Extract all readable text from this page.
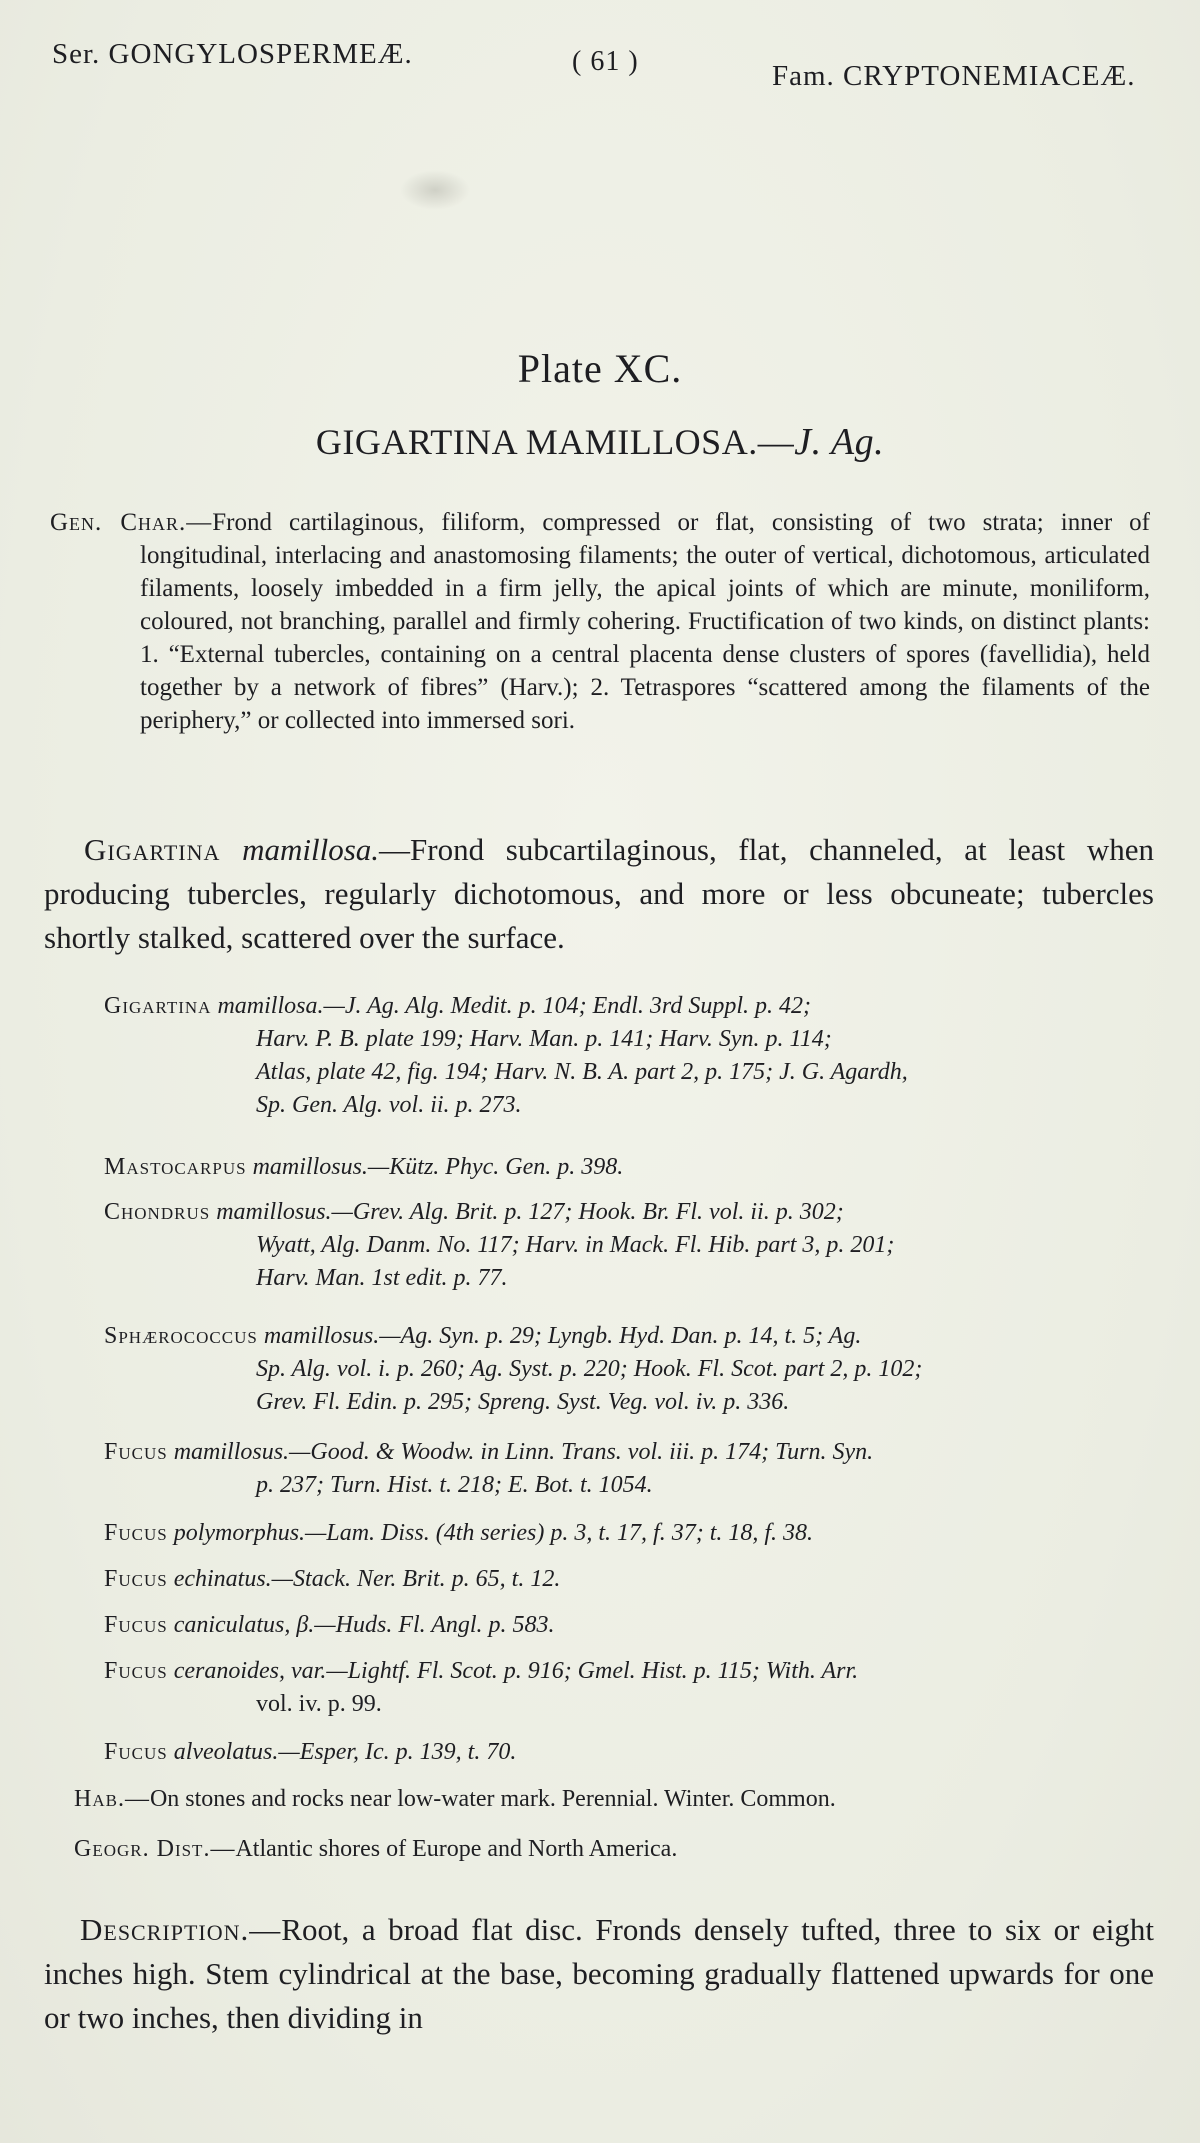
Ser. GONGYLOSPERMEÆ.	( 61 )	Fam. CRYPTONEMIACEÆ.
Plate XC.
GIGARTINA MAMILLOSA.—J. Ag.
Gen. Char.—Frond cartilaginous, filiform, compressed or flat, consisting of two strata; inner of longitudinal, interlacing and anastomosing filaments; the outer of vertical, dichotomous, articulated filaments, loosely imbedded in a firm jelly, the apical joints of which are minute, moniliform, coloured, not branching, parallel and firmly cohering. Fructification of two kinds, on distinct plants: 1. “External tubercles, containing on a central placenta dense clusters of spores (favellidia), held together by a network of fibres” (Harv.); 2. Tetraspores “scattered among the filaments of the periphery,” or collected into immersed sori.
Gigartina mamillosa.—Frond subcartilaginous, flat, channeled, at least when producing tubercles, regularly dichotomous, and more or less obcuneate; tubercles shortly stalked, scattered over the surface.
Gigartina mamillosa.—J. Ag. Alg. Medit. p. 104; Endl. 3rd Suppl. p. 42;
Harv. P. B. plate 199; Harv. Man. p. 141; Harv. Syn. p. 114;
Atlas, plate 42, fig. 194; Harv. N. B. A. part 2, p. 175; J. G. Agardh,
Sp. Gen. Alg. vol. ii. p. 273.
Mastocarpus mamillosus.—Kütz. Phyc. Gen. p. 398.
Chondrus mamillosus.—Grev. Alg. Brit. p. 127; Hook. Br. Fl. vol. ii. p. 302;
Wyatt, Alg. Danm. No. 117; Harv. in Mack. Fl. Hib. part 3, p. 201;
Harv. Man. 1st edit. p. 77.
Sphærococcus mamillosus.—Ag. Syn. p. 29; Lyngb. Hyd. Dan. p. 14, t. 5; Ag.
Sp. Alg. vol. i. p. 260; Ag. Syst. p. 220; Hook. Fl. Scot. part 2, p. 102;
Grev. Fl. Edin. p. 295; Spreng. Syst. Veg. vol. iv. p. 336.
Fucus mamillosus.—Good. & Woodw. in Linn. Trans. vol. iii. p. 174; Turn. Syn.
p. 237; Turn. Hist. t. 218; E. Bot. t. 1054.
Fucus polymorphus.—Lam. Diss. (4th series) p. 3, t. 17, f. 37; t. 18, f. 38.
Fucus echinatus.—Stack. Ner. Brit. p. 65, t. 12.
Fucus caniculatus, β.—Huds. Fl. Angl. p. 583.
Fucus ceranoides, var.—Lightf. Fl. Scot. p. 916; Gmel. Hist. p. 115; With. Arr.
vol. iv. p. 99.
Fucus alveolatus.—Esper, Ic. p. 139, t. 70.
Hab.—On stones and rocks near low-water mark. Perennial. Winter. Common.
Geogr. Dist.—Atlantic shores of Europe and North America.
Description.—Root, a broad flat disc. Fronds densely tufted, three to six or eight inches high. Stem cylindrical at the base, becoming gradually flattened upwards for one or two inches, then dividing in
